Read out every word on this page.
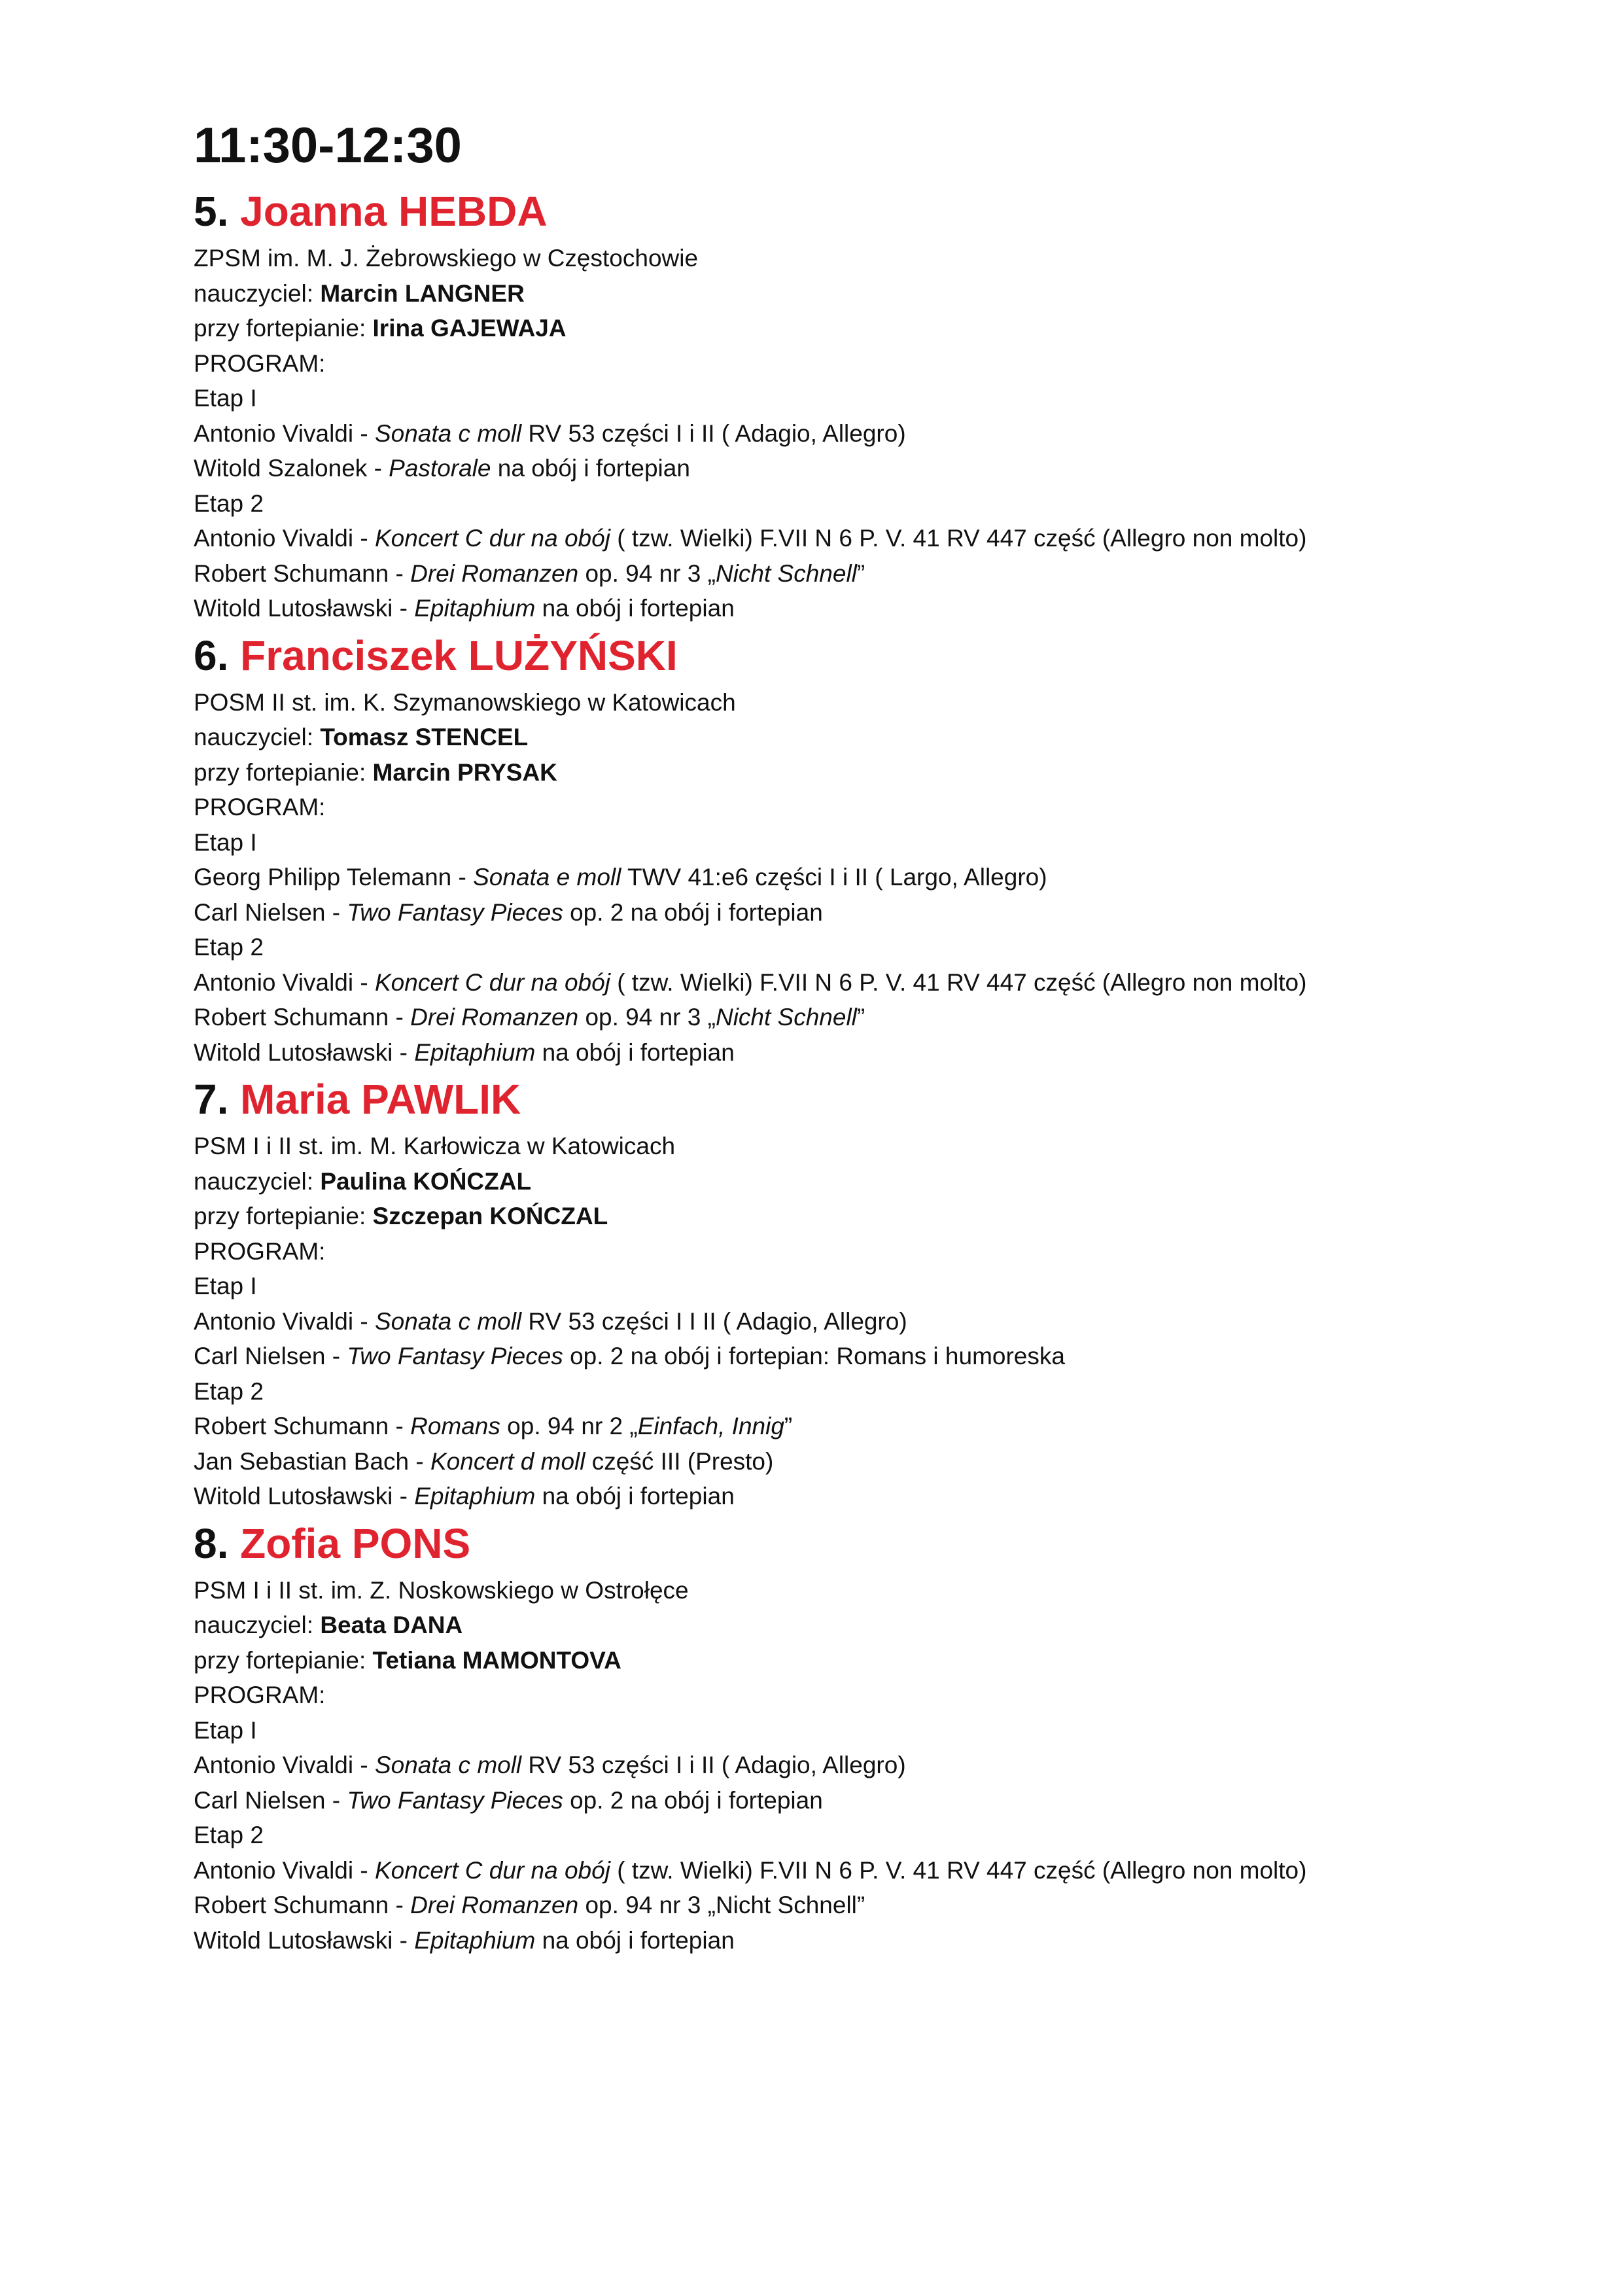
11:30-12:30
5. Joanna HEBDA
ZPSM im. M. J. Żebrowskiego w Częstochowie
nauczyciel: Marcin LANGNER
przy fortepianie: Irina GAJEWAJA
PROGRAM:
Etap I
Antonio Vivaldi - Sonata c moll RV 53 części I i II ( Adagio, Allegro)
Witold Szalonek - Pastorale na obój i fortepian
Etap 2
Antonio Vivaldi - Koncert C dur na obój ( tzw. Wielki) F.VII N 6 P. V. 41 RV 447 część (Allegro non molto)
Robert Schumann - Drei Romanzen op. 94 nr 3 „Nicht Schnell”
Witold Lutosławski - Epitaphium na obój i fortepian
6. Franciszek LUŻYŃSKI
POSM II st. im. K. Szymanowskiego w Katowicach
nauczyciel: Tomasz STENCEL
przy fortepianie: Marcin PRYSAK
PROGRAM:
Etap I
Georg Philipp Telemann - Sonata e moll TWV 41:e6 części I i II ( Largo, Allegro)
Carl Nielsen - Two Fantasy Pieces op. 2 na obój i fortepian
Etap 2
Antonio Vivaldi - Koncert C dur na obój ( tzw. Wielki) F.VII N 6 P. V. 41 RV 447 część (Allegro non molto)
Robert Schumann - Drei Romanzen op. 94 nr 3 „Nicht Schnell”
Witold Lutosławski - Epitaphium na obój i fortepian
7. Maria PAWLIK
PSM I i II st. im. M. Karłowicza w Katowicach
nauczyciel: Paulina KOŃCZAL
przy fortepianie: Szczepan KOŃCZAL
PROGRAM:
Etap I
Antonio Vivaldi - Sonata c moll RV 53 części I I II ( Adagio, Allegro)
Carl Nielsen - Two Fantasy Pieces op. 2 na obój i fortepian: Romans i humoreska
Etap 2
Robert Schumann - Romans op. 94 nr 2 „Einfach, Innig”
Jan Sebastian Bach - Koncert d moll część III (Presto)
Witold Lutosławski - Epitaphium na obój i fortepian
8. Zofia PONS
PSM I i II st. im. Z. Noskowskiego w Ostrołęce
nauczyciel: Beata DANA
przy fortepianie: Tetiana MAMONTOVA
PROGRAM:
Etap I
Antonio Vivaldi - Sonata c moll RV 53 części I i II ( Adagio, Allegro)
Carl Nielsen - Two Fantasy Pieces op. 2 na obój i fortepian
Etap 2
Antonio Vivaldi - Koncert C dur na obój ( tzw. Wielki) F.VII N 6 P. V. 41 RV 447 część (Allegro non molto)
Robert Schumann - Drei Romanzen op. 94 nr 3 „Nicht Schnell”
Witold Lutosławski - Epitaphium na obój i fortepian
